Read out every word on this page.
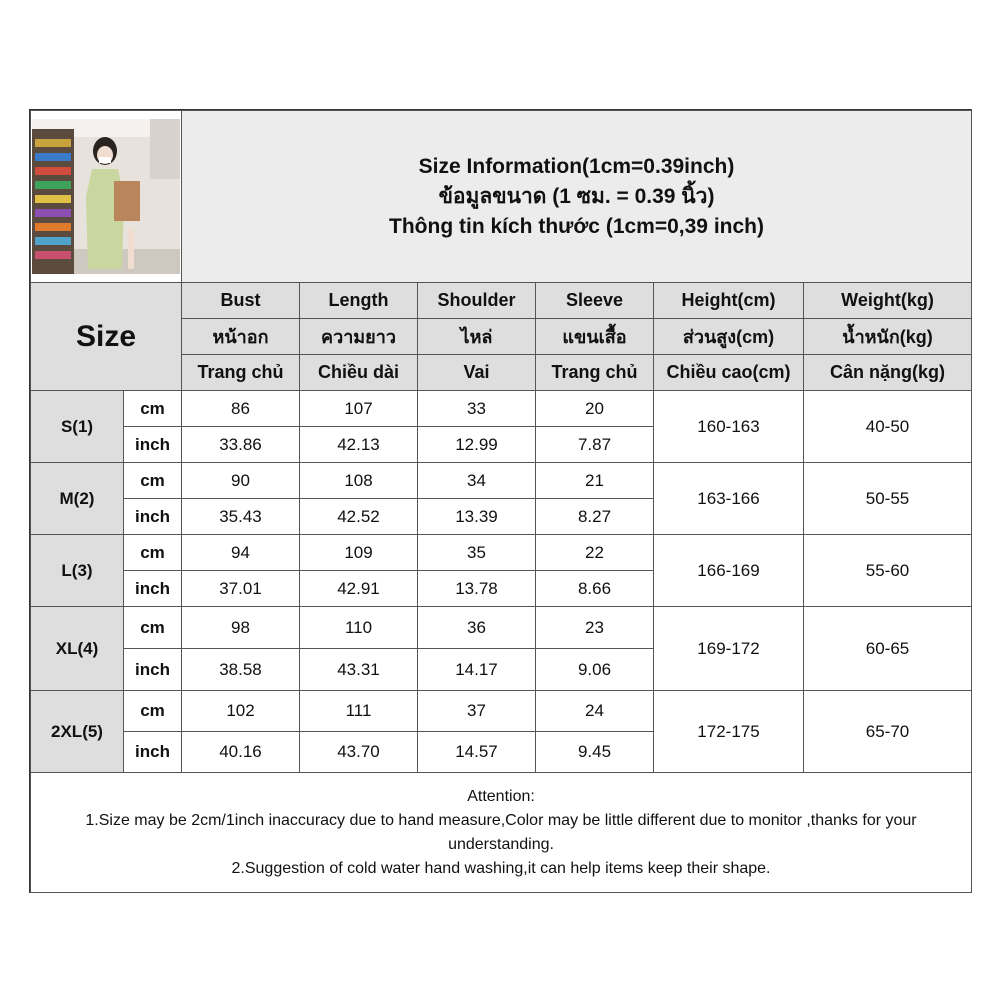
Size Information(1cm=0.39inch)
ข้อมูลขนาด (1 ซม. = 0.39 นิ้ว)
Thông tin kích thước (1cm=0,39 inch)					

Size		Bust	Length	Shoulder	Sleeve	Height(cm)	Weight(kg)
		หน้าอก	ความยาว	ไหล่	แขนเสื้อ	ส่วนสูง(cm)	น้ำหนัก(kg)
		Trang chủ	Chiều dài	Vai	Trang chủ	Chiều cao(cm)	Cân nặng(kg)
S(1)	cm	86	107	33	20	160-163	40-50
	inch	33.86	42.13	12.99	7.87		
M(2)	cm	90	108	34	21	163-166	50-55
	inch	35.43	42.52	13.39	8.27		
L(3)	cm	94	109	35	22	166-169	55-60
	inch	37.01	42.91	13.78	8.66		
XL(4)	cm	98	110	36	23	169-172	60-65
	inch	38.58	43.31	14.17	9.06		
2XL(5)	cm	102	111	37	24	172-175	65-70
	inch	40.16	43.70	14.57	9.45		

Attention:
1.Size may be 2cm/1inch inaccuracy due to hand measure,Color may be little different due to monitor ,thanks for your understanding.
2.Suggestion of cold water hand washing,it can help items keep their shape.							
